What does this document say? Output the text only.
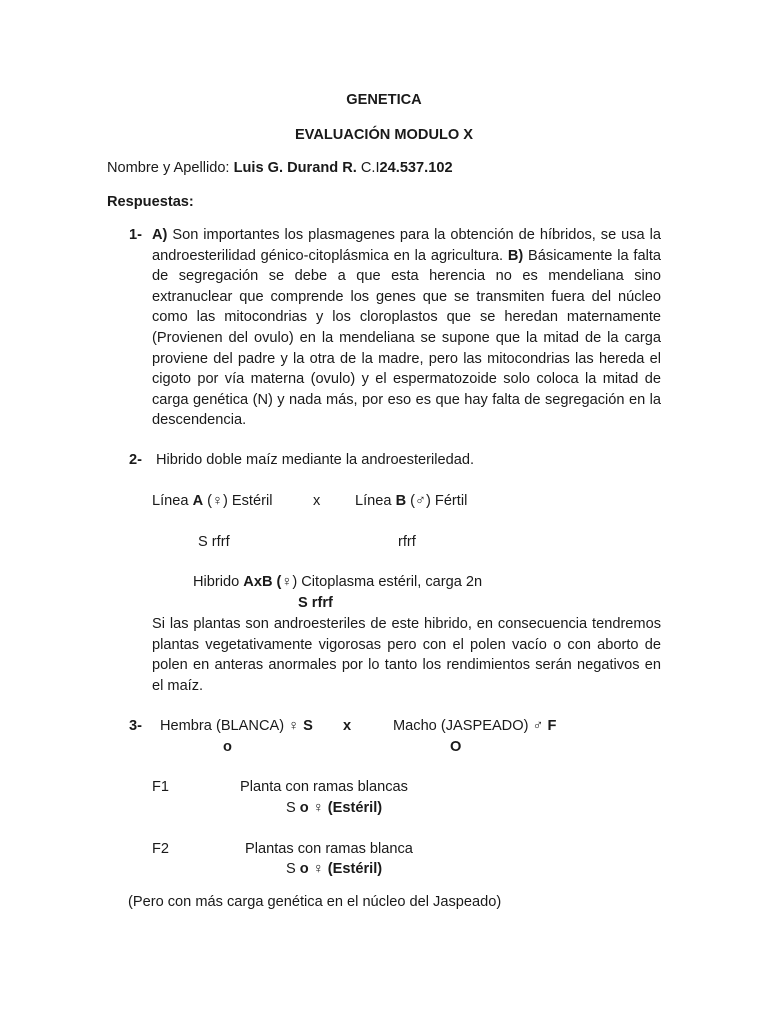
GENETICA
EVALUACIÓN MODULO X
Nombre y Apellido: Luis G. Durand R. C.I24.537.102
Respuestas:
1- A) Son importantes los plasmagenes para la obtención de híbridos, se usa la androesterilidad génico-citoplásmica en la agricultura. B) Básicamente la falta de segregación se debe a que esta herencia no es mendeliana sino extranuclear que comprende los genes que se transmiten fuera del núcleo como las mitocondrias y los cloroplastos que se heredan maternamente (Provienen del ovulo) en la mendeliana se supone que la mitad de la carga proviene del padre y la otra de la madre, pero las mitocondrias las hereda el cigoto por vía materna (ovulo) y el espermatozoide solo coloca la mitad de carga genética (N) y nada más, por eso es que hay falta de segregación en la descendencia.
2- Hibrido doble maíz mediante la androesteriledad.
Línea A (♀) Estéril	x Línea B (♂) Fértil
S rfrf	rfrf
Hibrido AxB (♀) Citoplasma estéril, carga 2n
S rfrf
Si las plantas son androesteriles de este hibrido, en consecuencia tendremos plantas vegetativamente vigorosas pero con el polen vacío o con aborto de polen en anteras anormales por lo tanto los rendimientos serán negativos en el maíz.
3- Hembra (BLANCA) ♀ S x	Macho (JASPEADO) ♂ F
o	O
F1	Planta con ramas blancas
S o ♀ (Estéril)
F2	Plantas con ramas blanca
S o ♀ (Estéril)
(Pero con más carga genética en el núcleo del Jaspeado)
